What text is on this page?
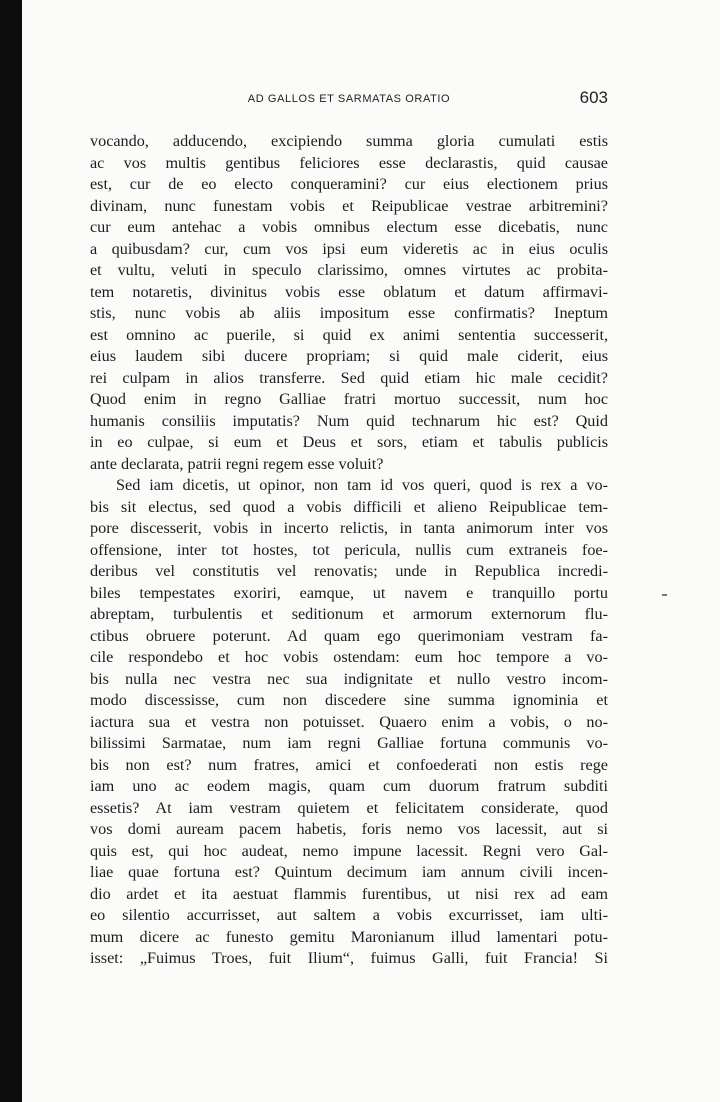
AD GALLOS ET SARMATAS ORATIO	603
vocando, adducendo, excipiendo summa gloria cumulati estis
ac vos multis gentibus feliciores esse declarastis, quid causae
est, cur de eo electo conqueramini? cur eius electionem prius
divinam, nunc funestam vobis et Reipublicae vestrae arbitremini?
cur eum antehac a vobis omnibus electum esse dicebatis, nunc
a quibusdam? cur, cum vos ipsi eum videretis ac in eius oculis
et vultu, veluti in speculo clarissimo, omnes virtutes ac probita-
tem notaretis, divinitus vobis esse oblatum et datum affirmavi-
stis, nunc vobis ab aliis impositum esse confirmatis? Ineptum
est omnino ac puerile, si quid ex animi sententia successerit,
eius laudem sibi ducere propriam; si quid male ciderit, eius
rei culpam in alios transferre. Sed quid etiam hic male cecidit?
Quod enim in regno Galliae fratri mortuo successit, num hoc
humanis consiliis imputatis? Num quid technarum hic est? Quid
in eo culpae, si eum et Deus et sors, etiam et tabulis publicis
ante declarata, patrii regni regem esse voluit?
Sed iam dicetis, ut opinor, non tam id vos queri, quod is rex a vo-
bis sit electus, sed quod a vobis difficili et alieno Reipublicae tem-
pore discesserit, vobis in incerto relictis, in tanta animorum inter vos
offensione, inter tot hostes, tot pericula, nullis cum extraneis foe-
deribus vel constitutis vel renovatis; unde in Republica incredi-
biles tempestates exoriri, eamque, ut navem e tranquillo portu
abreptam, turbulentis et seditionum et armorum externorum flu-
ctibus obruere poterunt. Ad quam ego querimoniam vestram fa-
cile respondebo et hoc vobis ostendam: eum hoc tempore a vo-
bis nulla nec vestra nec sua indignitate et nullo vestro incom-
modo discessisse, cum non discedere sine summa ignominia et
iactura sua et vestra non potuisset. Quaero enim a vobis, o no-
bilissimi Sarmatae, num iam regni Galliae fortuna communis vo-
bis non est? num fratres, amici et confoederati non estis rege
iam uno ac eodem magis, quam cum duorum fratrum subditi
essetis? At iam vestram quietem et felicitatem considerate, quod
vos domi auream pacem habetis, foris nemo vos lacessit, aut si
quis est, qui hoc audeat, nemo impune lacessit. Regni vero Gal-
liae quae fortuna est? Quintum decimum iam annum civili incen-
dio ardet et ita aestuat flammis furentibus, ut nisi rex ad eam
eo silentio accurrisset, aut saltem a vobis excurrisset, iam ulti-
mum dicere ac funesto gemitu Maronianum illud lamentari potu-
isset: „Fuimus Troes, fuit Ilium“, fuimus Galli, fuit Francia! Si
